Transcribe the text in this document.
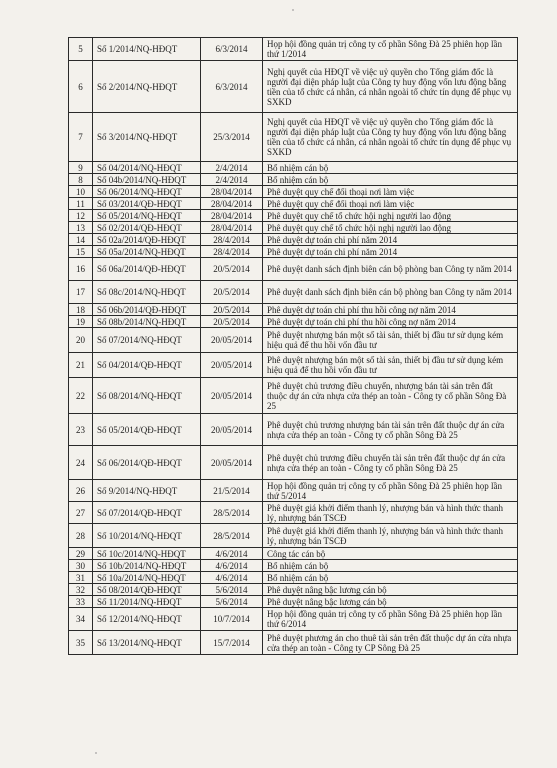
5	Số 1/2014/NQ-HĐQT	6/3/2014	Họp hội đồng quản trị công ty cổ phần Sông Đà 25 phiên họp lần thứ 1/2014
6	Số 2/2014/NQ-HĐQT	6/3/2014	Nghị quyết của HĐQT về việc uỷ quyền cho Tổng giám đốc là người đại diện pháp luật của Công ty huy động vốn lưu động bằng tiền của tổ chức cá nhân, cá nhân ngoài tổ chức tín dụng để phục vụ SXKD
7	Số 3/2014/NQ-HĐQT	25/3/2014	Nghị quyết của HĐQT về việc uỷ quyền cho Tổng giám đốc là người đại diện pháp luật của Công ty huy động vốn lưu động bằng tiền của tổ chức cá nhân, cá nhân ngoài tổ chức tín dụng để phục vụ SXKD
9	Số 04/2014/NQ-HĐQT	2/4/2014	Bổ nhiệm cán bộ
8	Số 04b/2014/NQ-HĐQT	2/4/2014	Bổ nhiệm cán bộ
10	Số 06/2014/NQ-HĐQT	28/04/2014	Phê duyệt quy chế đối thoại nơi làm việc
11	Số 03/2014/QĐ-HĐQT	28/04/2014	Phê duyệt quy chế đối thoại nơi làm việc
12	Số 05/2014/NQ-HĐQT	28/04/2014	Phê duyệt quy chế tổ chức hội nghị người lao động
13	Số 02/2014/QĐ-HĐQT	28/04/2014	Phê duyệt quy chế tổ chức hội nghị người lao động
14	Số 02a/2014/QĐ-HĐQT	28/4/2014	Phê duyệt dự toán chi phí năm 2014
15	Số 05a/2014/NQ-HĐQT	28/4/2014	Phê duyệt dự toán chi phí năm 2014
16	Số 06a/2014/QĐ-HĐQT	20/5/2014	Phê duyệt danh sách định biên cán bộ phòng ban Công ty năm 2014
17	Số 08c/2014/NQ-HĐQT	20/5/2014	Phê duyệt danh sách định biên cán bộ phòng ban Công ty năm 2014
18	Số 06b/2014/QĐ-HĐQT	20/5/2014	Phê duyệt dự toán chi phí thu hồi công nợ năm 2014
19	Số 08b/2014/NQ-HĐQT	20/5/2014	Phê duyệt dự toán chi phí thu hồi công nợ năm 2014
20	Số 07/2014/NQ-HĐQT	20/05/2014	Phê duyệt nhượng bán một số tài sản, thiết bị đầu tư sử dụng kém hiệu quả để thu hồi vốn đầu tư
21	Số 04/2014/QĐ-HĐQT	20/05/2014	Phê duyệt nhượng bán một số tài sản, thiết bị đầu tư sử dụng kém hiệu quả để thu hồi vốn đầu tư
22	Số 08/2014/NQ-HĐQT	20/05/2014	Phê duyệt chủ trương điều chuyển, nhượng bán tài sản trên đất thuộc dự án cửa nhựa cửa thép an toàn - Công ty cổ phần Sông Đà 25
23	Số 05/2014/QĐ-HĐQT	20/05/2014	Phê duyệt chủ trương nhượng bán tài sản trên đất thuộc dự án cửa nhựa cửa thép an toàn - Công ty cổ phần Sông Đà 25
24	Số 06/2014/QĐ-HĐQT	20/05/2014	Phê duyệt chủ trương điều chuyển tài sản trên đất thuộc dự án cửa nhựa cửa thép an toàn - Công ty cổ phần Sông Đà 25
26	Số 9/2014/NQ-HĐQT	21/5/2014	Họp hội đồng quản trị công ty cổ phần Sông Đà 25 phiên họp lần thứ 5/2014
27	Số 07/2014/QĐ-HĐQT	28/5/2014	Phê duyệt giá khởi điểm thanh lý, nhượng bán và hình thức thanh lý, nhượng bán TSCĐ
28	Số 10/2014/NQ-HĐQT	28/5/2014	Phê duyệt giá khởi điểm thanh lý, nhượng bán và hình thức thanh lý, nhượng bán TSCĐ
29	Số 10c/2014/NQ-HĐQT	4/6/2014	Công tác cán bộ
30	Số 10b/2014/NQ-HĐQT	4/6/2014	Bổ nhiệm cán bộ
31	Số 10a/2014/NQ-HĐQT	4/6/2014	Bổ nhiệm cán bộ
32	Số 08/2014/QĐ-HĐQT	5/6/2014	Phê duyệt nâng bậc lương cán bộ
33	Số 11/2014/NQ-HĐQT	5/6/2014	Phê duyệt nâng bậc lương cán bộ
34	Số 12/2014/NQ-HĐQT	10/7/2014	Họp hội đồng quản trị công ty cổ phần Sông Đà 25 phiên họp lần thứ 6/2014
35	Số 13/2014/NQ-HĐQT	15/7/2014	Phê duyệt phương án cho thuê tài sản trên đất thuộc dự án cửa nhựa cửa thép an toàn - Công ty CP Sông Đà 25
